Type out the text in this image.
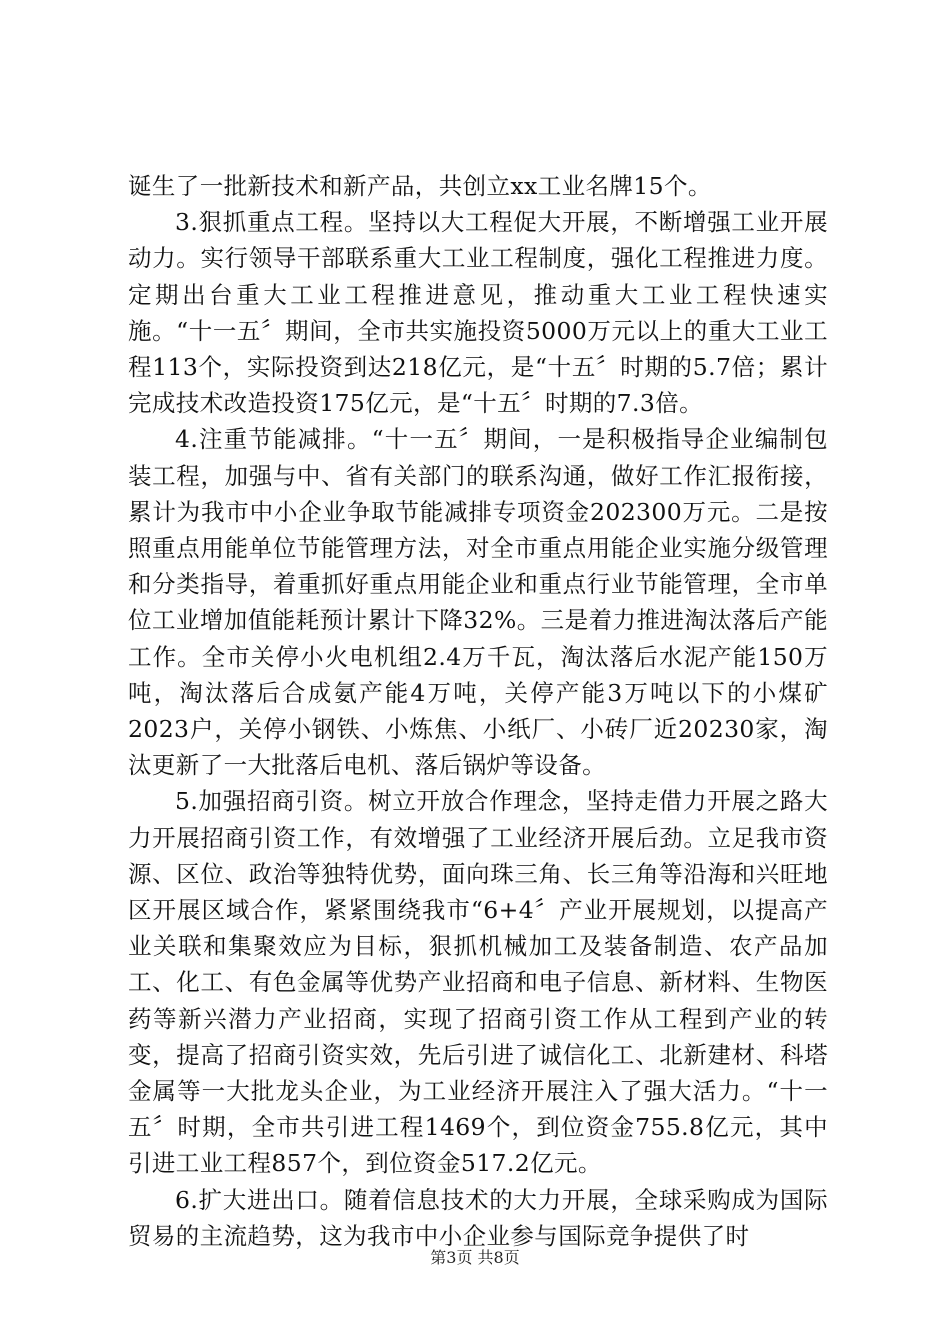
诞生了一批新技术和新产品，共创立xx工业名牌15个。

3.狠抓重点工程。坚持以大工程促大开展，不断增强工业开展动力。实行领导干部联系重大工业工程制度，强化工程推进力度。定期出台重大工业工程推进意见，推动重大工业工程快速实施。“十一五〞期间，全市共实施投资5000万元以上的重大工业工程113个，实际投资到达218亿元，是“十五〞时期的5.7倍；累计完成技术改造投资175亿元，是“十五〞时期的7.3倍。

4.注重节能减排。“十一五〞期间，一是积极指导企业编制包装工程，加强与中、省有关部门的联系沟通，做好工作汇报衔接，累计为我市中小企业争取节能减排专项资金202300万元。二是按照重点用能单位节能管理方法，对全市重点用能企业实施分级管理和分类指导，着重抓好重点用能企业和重点行业节能管理，全市单位工业增加值能耗预计累计下降32%。三是着力推进淘汰落后产能工作。全市关停小火电机组2.4万千瓦，淘汰落后水泥产能150万吨，淘汰落后合成氨产能4万吨，关停产能3万吨以下的小煤矿2023户，关停小钢铁、小炼焦、小纸厂、小砖厂近20230家，淘汰更新了一大批落后电机、落后锅炉等设备。

5.加强招商引资。树立开放合作理念，坚持走借力开展之路大力开展招商引资工作，有效增强了工业经济开展后劲。立足我市资源、区位、政治等独特优势，面向珠三角、长三角等沿海和兴旺地区开展区域合作，紧紧围绕我市“6+4〞产业开展规划，以提高产业关联和集聚效应为目标，狠抓机械加工及装备制造、农产品加工、化工、有色金属等优势产业招商和电子信息、新材料、生物医药等新兴潜力产业招商，实现了招商引资工作从工程到产业的转变，提高了招商引资实效，先后引进了诚信化工、北新建材、科塔金属等一大批龙头企业，为工业经济开展注入了强大活力。“十一五〞时期，全市共引进工程1469个，到位资金755.8亿元，其中引进工业工程857个，到位资金517.2亿元。

6.扩大进出口。随着信息技术的大力开展，全球采购成为国际贸易的主流趋势，这为我市中小企业参与国际竞争提供了时

第3页 共8页
